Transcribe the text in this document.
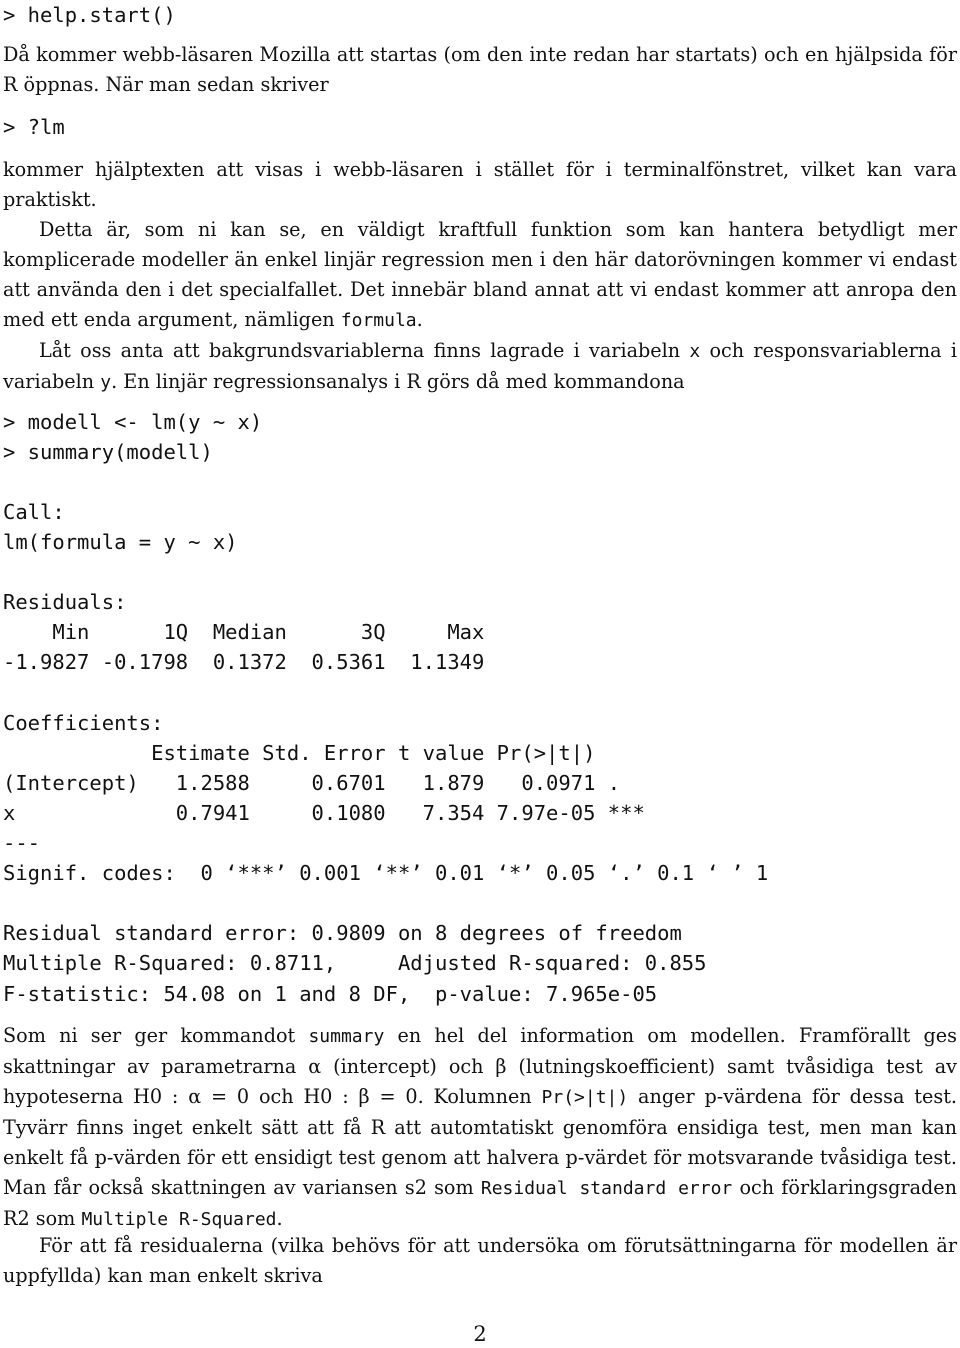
> help.start()

Då kommer webb-läsaren Mozilla att startas (om den inte redan har startats) och en hjälpsida för R öppnas. När man sedan skriver

> ?lm

kommer hjälptexten att visas i webb-läsaren i stället för i terminalfönstret, vilket kan vara praktiskt.

Detta är, som ni kan se, en väldigt kraftfull funktion som kan hantera betydligt mer komplicerade modeller än enkel linjär regression men i den här datorövningen kommer vi endast att använda den i det specialfallet. Det innebär bland annat att vi endast kommer att anropa den med ett enda argument, nämligen formula.

Låt oss anta att bakgrundsvariablerna finns lagrade i variabeln x och responsvariablerna i variabeln y. En linjär regressionsanalys i R görs då med kommandona

> modell <- lm(y ~ x)
> summary(modell)
Call:
lm(formula = y ~ x)

Residuals:
Min      1Q  Median      3Q     Max
-1.9827 -0.1798  0.1372  0.5361  1.1349

Coefficients:
Estimate Std. Error t value Pr(>|t|)
(Intercept)   1.2588     0.6701   1.879   0.0971 .
x             0.7941     0.1080   7.354 7.97e-05 ***
---
Signif. codes:  0 ‘***’ 0.001 ‘**’ 0.01 ‘*’ 0.05 ‘.’ 0.1 ‘ ’ 1

Residual standard error: 0.9809 on 8 degrees of freedom
Multiple R-Squared: 0.8711,     Adjusted R-squared: 0.855
F-statistic: 54.08 on 1 and 8 DF,  p-value: 7.965e-05

Som ni ser ger kommandot summary en hel del information om modellen. Framförallt ges skattningar av parametrarna α (intercept) och β (lutningskoefficient) samt tvåsidiga test av hypoteserna H0 : α = 0 och H0 : β = 0. Kolumnen Pr(>|t|) anger p-värdena för dessa test. Tyvärr finns inget enkelt sätt att få R att automtatiskt genomföra ensidiga test, men man kan enkelt få p-värden för ett ensidigt test genom att halvera p-värdet för motsvarande tvåsidiga test. Man får också skattningen av variansen s2 som Residual standard error och förklaringsgraden R2 som Multiple R-Squared.

För att få residualerna (vilka behövs för att undersöka om förutsättningarna för modellen är uppfyllda) kan man enkelt skriva

2
